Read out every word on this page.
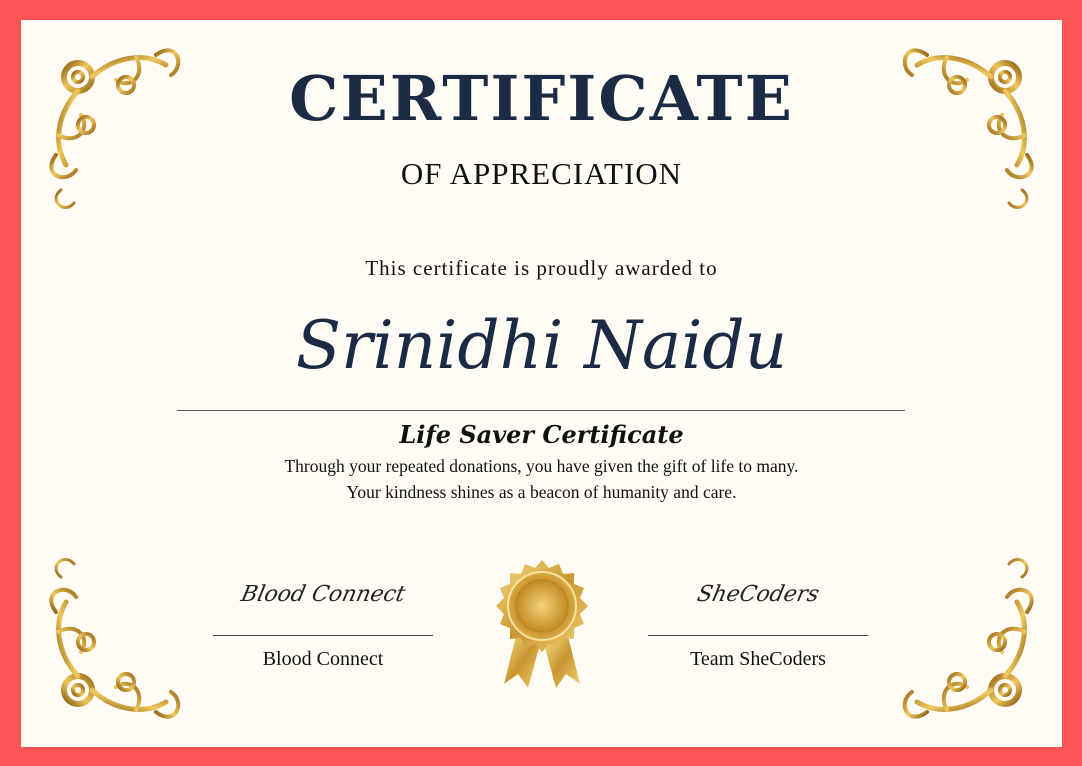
CERTIFICATE
OF APPRECIATION
This certificate is proudly awarded to
Srinidhi Naidu
Life Saver Certificate
Through your repeated donations, you have given the gift of life to many.
Your kindness shines as a beacon of humanity and care.
Blood Connect
Blood Connect
SheCoders
Team SheCoders
